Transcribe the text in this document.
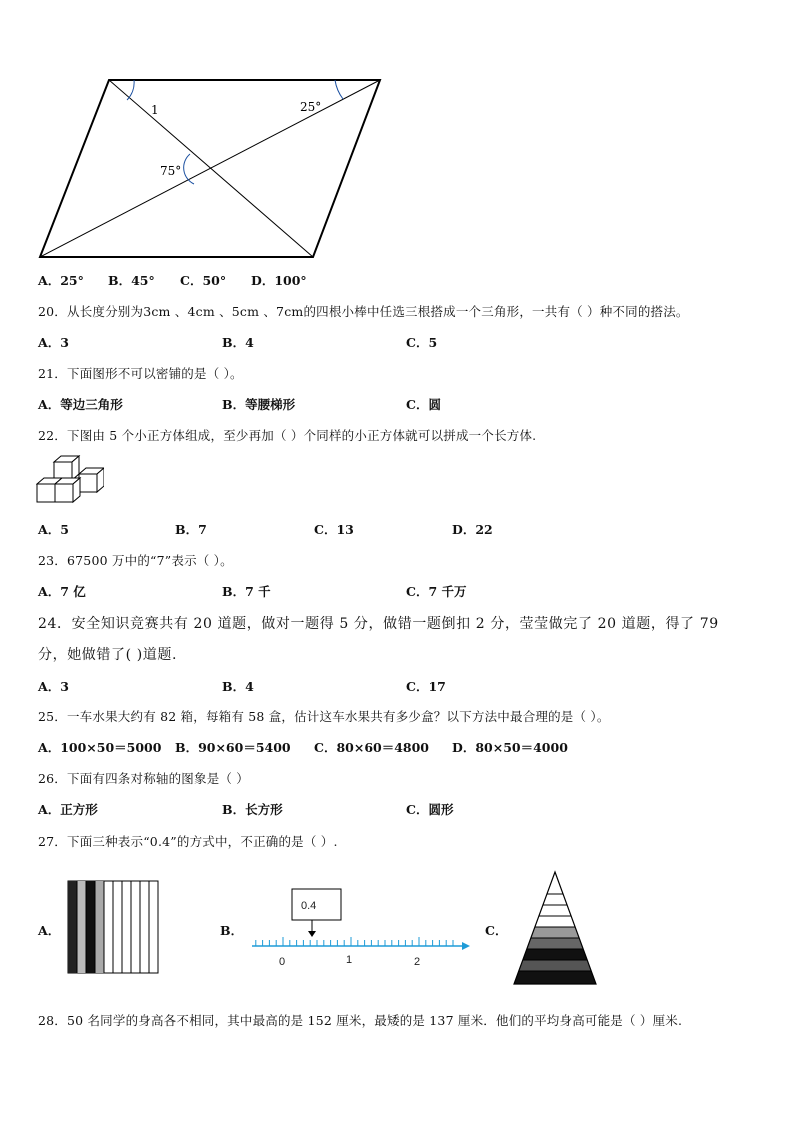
1	25°
75°
A．25° B．45° C．50° D．100°
20．从长度分别为3cm 、4cm 、5cm 、7cm的四根小棒中任选三根搭成一个三角形，一共有（ ）种不同的搭法。
A．3	B．4	C．5
21．下面图形不可以密铺的是（ ）。
A．等边三角形	B．等腰梯形	C．圆
22．下图由 5 个小正方体组成，至少再加（ ）个同样的小正方体就可以拼成一个长方体.
A．5	B．7	C．13	D．22
23．67500 万中的“7”表示（ ）。
A．7 亿	B．7 千	C．7 千万
24．安全知识竞赛共有 20 道题，做对一题得 5 分，做错一题倒扣 2 分，莹莹做完了 20 道题，得了 79
分，她做错了( )道题.
A．3	B．4	C．17
25．一车水果大约有 82 箱，每箱有 58 盒，估计这车水果共有多少盒？以下方法中最合理的是（ ）。
A．100×50＝5000 B．90×60＝5400 C．80×60＝4800 D．80×50＝4000
26．下面有四条对称轴的图象是（ ）
A．正方形	B．长方形	C．圆形
27．下面三种表示“0.4”的方式中，不正确的是（ ）.
A．	B．
0.4
0	1	2
C．
28．50 名同学的身高各不相同，其中最高的是 152 厘米，最矮的是 137 厘米．他们的平均身高可能是（ ）厘米.
